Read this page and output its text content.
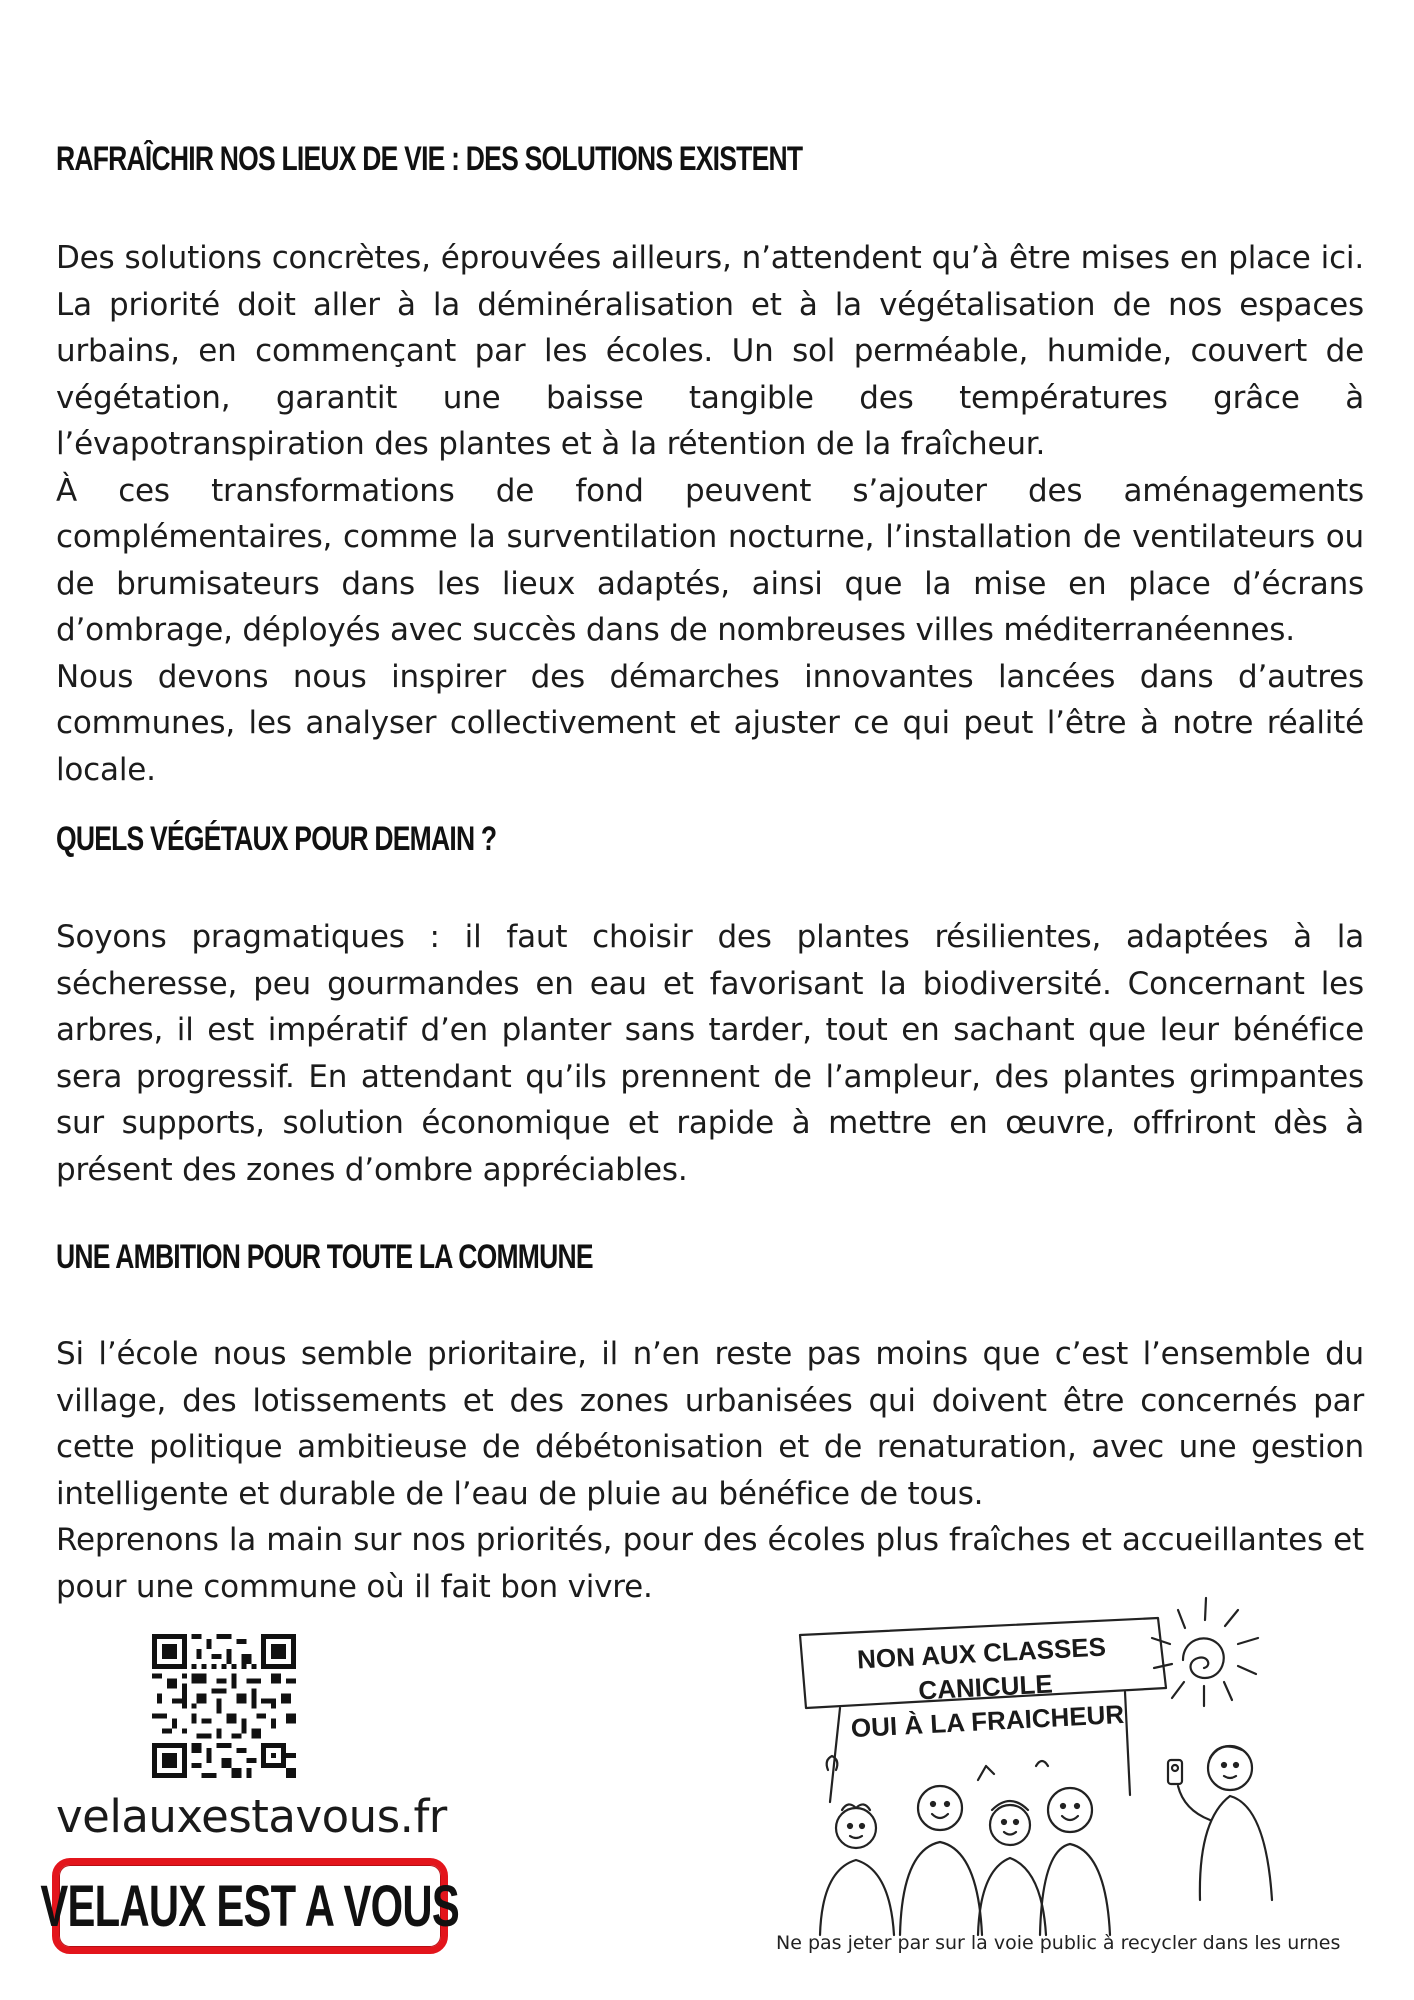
RAFRAÎCHIR NOS LIEUX DE VIE : DES SOLUTIONS EXISTENT

Des solutions concrètes, éprouvées ailleurs, n’attendent qu’à être mises en place ici. La priorité doit aller à la déminéralisation et à la végétalisation de nos espaces urbains, en commençant par les écoles. Un sol perméable, humide, couvert de végétation, garantit une baisse tangible des températures grâce à l’évapotranspiration des plantes et à la rétention de la fraîcheur.
À ces transformations de fond peuvent s’ajouter des aménagements complémentaires, comme la surventilation nocturne, l’installation de ventilateurs ou de brumisateurs dans les lieux adaptés, ainsi que la mise en place d’écrans d’ombrage, déployés avec succès dans de nombreuses villes méditerranéennes.
Nous devons nous inspirer des démarches innovantes lancées dans d’autres communes, les analyser collectivement et ajuster ce qui peut l’être à notre réalité locale.

QUELS VÉGÉTAUX POUR DEMAIN ?

Soyons pragmatiques : il faut choisir des plantes résilientes, adaptées à la sécheresse, peu gourmandes en eau et favorisant la biodiversité. Concernant les arbres, il est impératif d’en planter sans tarder, tout en sachant que leur bénéfice sera progressif. En attendant qu’ils prennent de l’ampleur, des plantes grimpantes sur supports, solution économique et rapide à mettre en œuvre, offriront dès à présent des zones d’ombre appréciables.

UNE AMBITION POUR TOUTE LA COMMUNE

Si l’école nous semble prioritaire, il n’en reste pas moins que c’est l’ensemble du village, des lotissements et des zones urbanisées qui doivent être concernés par cette politique ambitieuse de débétonisation et de renaturation, avec une gestion intelligente et durable de l’eau de pluie au bénéfice de tous.
Reprenons la main sur nos priorités, pour des écoles plus fraîches et accueillantes et pour une commune où il fait bon vivre.

velauxestavous.fr

VELAUX EST A VOUS
NON AUX CLASSES
CANICULE
OUI À LA FRAICHEUR

Ne pas jeter par sur la voie public à recycler dans les urnes
